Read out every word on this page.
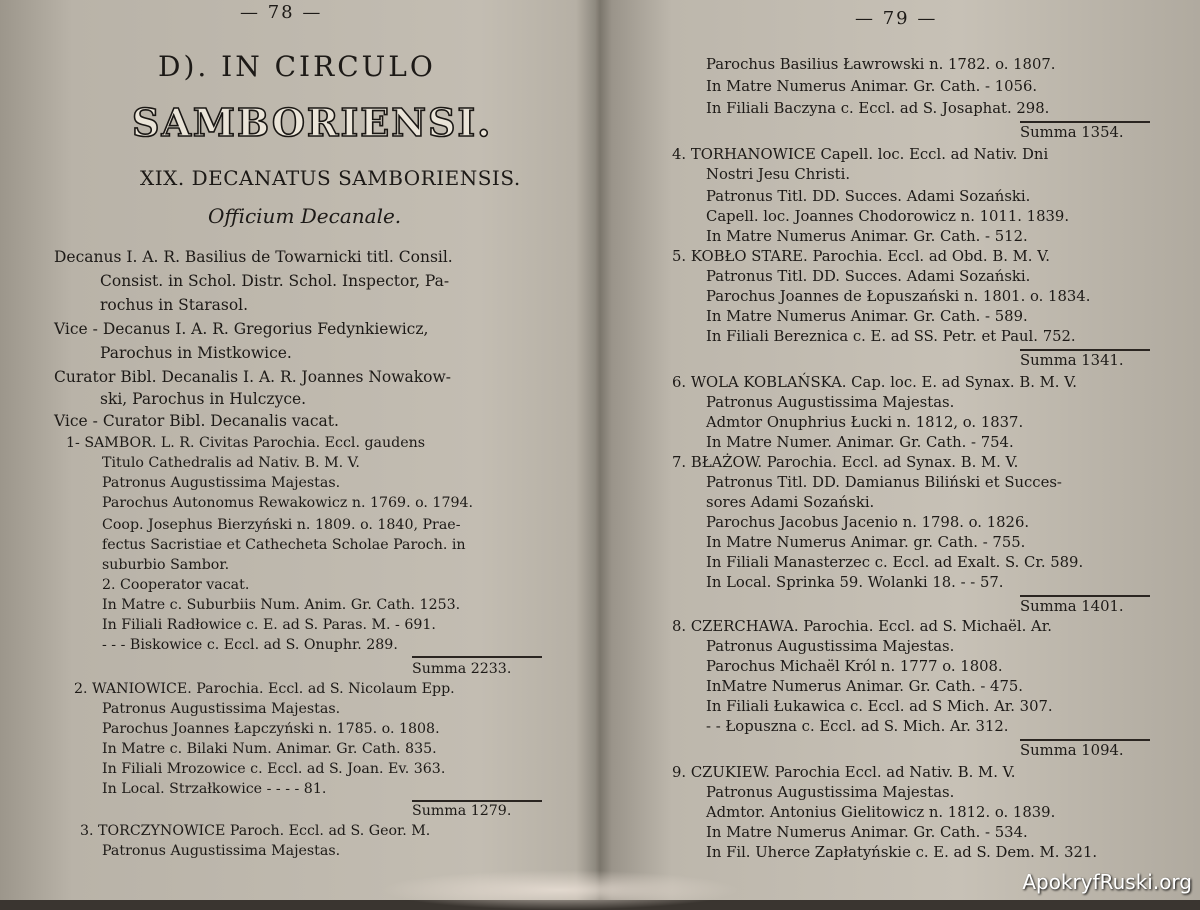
— 78 —
D). IN CIRCULO
SAMBORIENSI.
XIX. DECANATUS SAMBORIENSIS.
Officium Decanale.
Decanus I. A. R. Basilius de Towarnicki titl. Consil.
Consist. in Schol. Distr. Schol. Inspector, Pa-
rochus in Starasol.
Vice - Decanus I. A. R. Gregorius Fedynkiewicz,
Parochus in Mistkowice.
Curator Bibl. Decanalis I. A. R. Joannes Nowakow-
ski, Parochus in Hulczyce.
Vice - Curator Bibl. Decanalis vacat.
1- SAMBOR. L. R. Civitas Parochia. Eccl. gaudens
Titulo Cathedralis ad Nativ. B. M. V.
Patronus Augustissima Majestas.
Parochus Autonomus Rewakowicz n. 1769. o. 1794.
Coop. Josephus Bierzyński n. 1809. o. 1840, Prae-
fectus Sacristiae et Cathecheta Scholae Paroch. in
suburbio Sambor.
2. Cooperator vacat.
In Matre c. Suburbiis Num. Anim. Gr. Cath. 1253.
In Filiali Radłowice c. E. ad S. Paras. M. - 691.
- - - Biskowice c. Eccl. ad S. Onuphr. 289.
Summa 2233.
2. WANIOWICE. Parochia. Eccl. ad S. Nicolaum Epp.
Patronus Augustissima Majestas.
Parochus Joannes Łapczyński n. 1785. o. 1808.
In Matre c. Bilaki Num. Animar. Gr. Cath. 835.
In Filiali Mrozowice c. Eccl. ad S. Joan. Ev. 363.
In Local. Strzałkowice - - - - 81.
Summa 1279.
3. TORCZYNOWICE Paroch. Eccl. ad S. Geor. M.
Patronus Augustissima Majestas.
— 79 —
Parochus Basilius Ławrowski n. 1782. o. 1807.
In Matre Numerus Animar. Gr. Cath. - 1056.
In Filiali Baczyna c. Eccl. ad S. Josaphat. 298.
Summa 1354.
4. TORHANOWICE Capell. loc. Eccl. ad Nativ. Dni
Nostri Jesu Christi.
Patronus Titl. DD. Succes. Adami Sozański.
Capell. loc. Joannes Chodorowicz n. 1011. 1839.
In Matre Numerus Animar. Gr. Cath. - 512.
5. KOBŁO STARE. Parochia. Eccl. ad Obd. B. M. V.
Patronus Titl. DD. Succes. Adami Sozański.
Parochus Joannes de Łopuszański n. 1801. o. 1834.
In Matre Numerus Animar. Gr. Cath. - 589.
In Filiali Bereznica c. E. ad SS. Petr. et Paul. 752.
Summa 1341.
6. WOLA KOBLAŃSKA. Cap. loc. E. ad Synax. B. M. V.
Patronus Augustissima Majestas.
Admtor Onuphrius Łucki n. 1812, o. 1837.
In Matre Numer. Animar. Gr. Cath. - 754.
7. BŁAŻOW. Parochia. Eccl. ad Synax. B. M. V.
Patronus Titl. DD. Damianus Biliński et Succes-
sores Adami Sozański.
Parochus Jacobus Jacenio n. 1798. o. 1826.
In Matre Numerus Animar. gr. Cath. - 755.
In Filiali Manasterzec c. Eccl. ad Exalt. S. Cr. 589.
In Local. Sprinka 59. Wolanki 18. - - 57.
Summa 1401.
8. CZERCHAWA. Parochia. Eccl. ad S. Michaël. Ar.
Patronus Augustissima Majestas.
Parochus Michaël Król n. 1777 o. 1808.
InMatre Numerus Animar. Gr. Cath. - 475.
In Filiali Łukawica c. Eccl. ad S Mich. Ar. 307.
- - Łopuszna c. Eccl. ad S. Mich. Ar. 312.
Summa 1094.
9. CZUKIEW. Parochia Eccl. ad Nativ. B. M. V.
Patronus Augustissima Majestas.
Admtor. Antonius Gielitowicz n. 1812. o. 1839.
In Matre Numerus Animar. Gr. Cath. - 534.
In Fil. Uherce Zapłatyńskie c. E. ad S. Dem. M. 321.
ApokryfRuski.org
